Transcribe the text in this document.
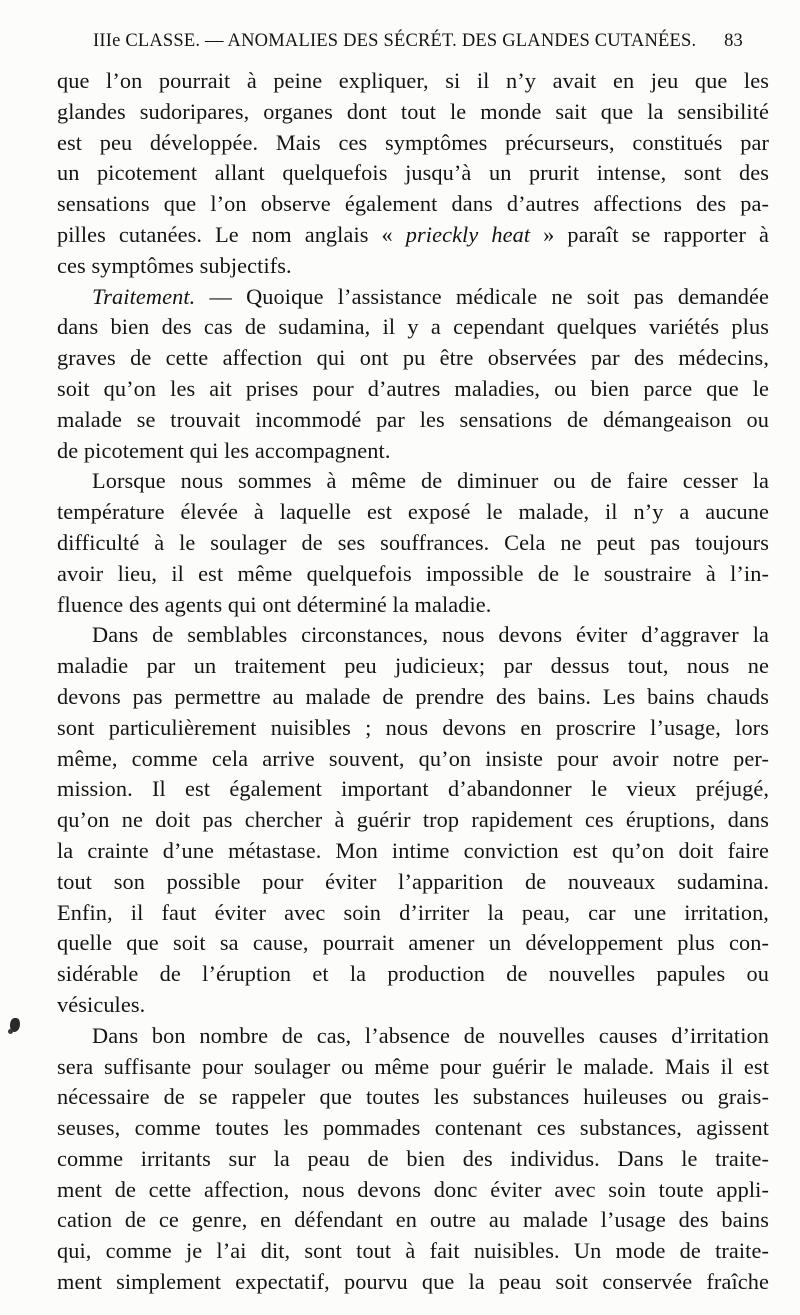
IIIe CLASSE. — ANOMALIES DES SÉCRÉT. DES GLANDES CUTANÉES. 83
que l’on pourrait à peine expliquer, si il n’y avait en jeu que les
glandes sudoripares, organes dont tout le monde sait que la sensibilité
est peu développée. Mais ces symptômes précurseurs, constitués par
un picotement allant quelquefois jusqu’à un prurit intense, sont des
sensations que l’on observe également dans d’autres affections des pa-
pilles cutanées. Le nom anglais « prieckly heat » paraît se rapporter à
ces symptômes subjectifs.
Traitement. — Quoique l’assistance médicale ne soit pas demandée
dans bien des cas de sudamina, il y a cependant quelques variétés plus
graves de cette affection qui ont pu être observées par des médecins,
soit qu’on les ait prises pour d’autres maladies, ou bien parce que le
malade se trouvait incommodé par les sensations de démangeaison ou
de picotement qui les accompagnent.
Lorsque nous sommes à même de diminuer ou de faire cesser la
température élevée à laquelle est exposé le malade, il n’y a aucune
difficulté à le soulager de ses souffrances. Cela ne peut pas toujours
avoir lieu, il est même quelquefois impossible de le soustraire à l’in-
fluence des agents qui ont déterminé la maladie.
Dans de semblables circonstances, nous devons éviter d’aggraver la
maladie par un traitement peu judicieux; par dessus tout, nous ne
devons pas permettre au malade de prendre des bains. Les bains chauds
sont particulièrement nuisibles ; nous devons en proscrire l’usage, lors
même, comme cela arrive souvent, qu’on insiste pour avoir notre per-
mission. Il est également important d’abandonner le vieux préjugé,
qu’on ne doit pas chercher à guérir trop rapidement ces éruptions, dans
la crainte d’une métastase. Mon intime conviction est qu’on doit faire
tout son possible pour éviter l’apparition de nouveaux sudamina.
Enfin, il faut éviter avec soin d’irriter la peau, car une irritation,
quelle que soit sa cause, pourrait amener un développement plus con-
sidérable de l’éruption et la production de nouvelles papules ou
vésicules.
Dans bon nombre de cas, l’absence de nouvelles causes d’irritation
sera suffisante pour soulager ou même pour guérir le malade. Mais il est
nécessaire de se rappeler que toutes les substances huileuses ou grais-
seuses, comme toutes les pommades contenant ces substances, agissent
comme irritants sur la peau de bien des individus. Dans le traite-
ment de cette affection, nous devons donc éviter avec soin toute appli-
cation de ce genre, en défendant en outre au malade l’usage des bains
qui, comme je l’ai dit, sont tout à fait nuisibles. Un mode de traite-
ment simplement expectatif, pourvu que la peau soit conservée fraîche
